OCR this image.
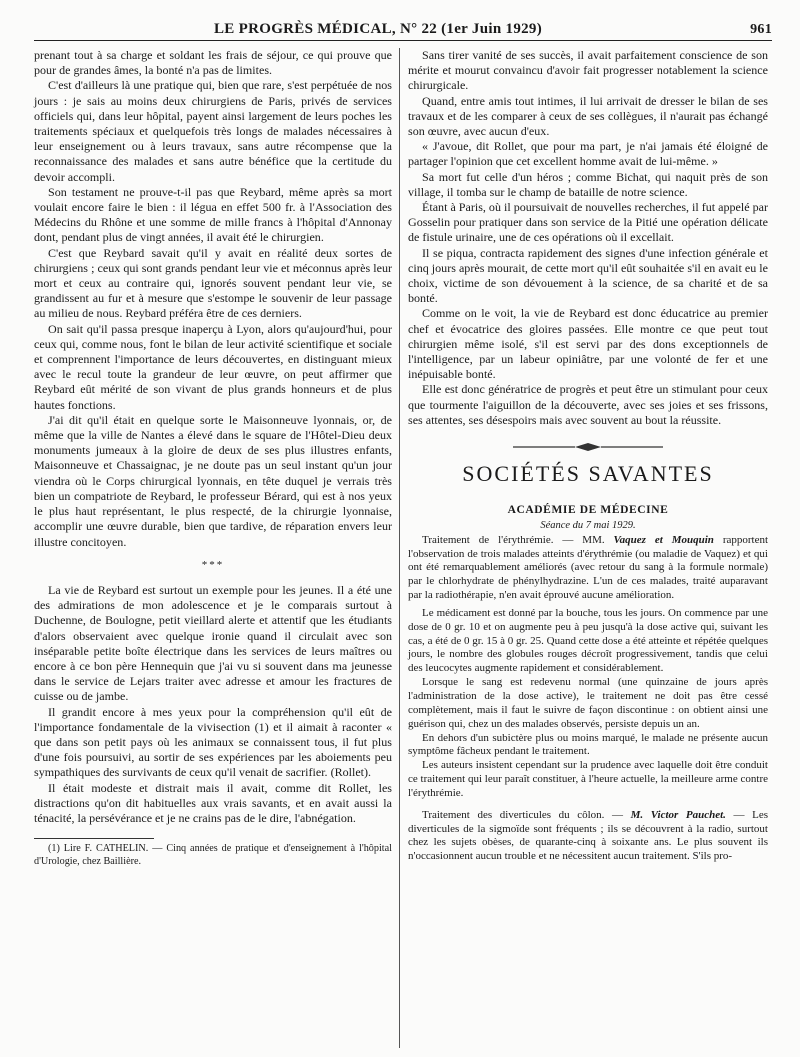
LE PROGRÈS MÉDICAL, N° 22 (1er Juin 1929)	961

prenant tout à sa charge et soldant les frais de séjour, ce qui prouve que pour de grandes âmes, la bonté n'a pas de limites.

C'est d'ailleurs là une pratique qui, bien que rare, s'est perpétuée de nos jours : je sais au moins deux chirurgiens de Paris, privés de services officiels qui, dans leur hôpital, payent ainsi largement de leurs poches les traitements spéciaux et quelquefois très longs de malades nécessaires à leur enseignement ou à leurs travaux, sans autre récompense que la reconnaissance des malades et sans autre bénéfice que la certitude du devoir accompli.

Son testament ne prouve-t-il pas que Reybard, même après sa mort voulait encore faire le bien : il légua en effet 500 fr. à l'Association des Médecins du Rhône et une somme de mille francs à l'hôpital d'Annonay dont, pendant plus de vingt années, il avait été le chirurgien.

C'est que Reybard savait qu'il y avait en réalité deux sortes de chirurgiens ; ceux qui sont grands pendant leur vie et méconnus après leur mort et ceux au contraire qui, ignorés souvent pendant leur vie, se grandissent au fur et à mesure que s'estompe le souvenir de leur passage au milieu de nous. Reybard préféra être de ces derniers.

On sait qu'il passa presque inaperçu à Lyon, alors qu'aujourd'hui, pour ceux qui, comme nous, font le bilan de leur activité scientifique et sociale et comprennent l'importance de leurs découvertes, en distinguant mieux avec le recul toute la grandeur de leur œuvre, on peut affirmer que Reybard eût mérité de son vivant de plus grands honneurs et de plus hautes fonctions.

J'ai dit qu'il était en quelque sorte le Maisonneuve lyonnais, or, de même que la ville de Nantes a élevé dans le square de l'Hôtel-Dieu deux monuments jumeaux à la gloire de deux de ses plus illustres enfants, Maisonneuve et Chassaignac, je ne doute pas un seul instant qu'un jour viendra où le Corps chirurgical lyonnais, en tête duquel je verrais très bien un compatriote de Reybard, le professeur Bérard, qui est à nos yeux le plus haut représentant, le plus respecté, de la chirurgie lyonnaise, accomplir une œuvre durable, bien que tardive, de réparation envers leur illustre concitoyen.

***

La vie de Reybard est surtout un exemple pour les jeunes. Il a été une des admirations de mon adolescence et je le comparais surtout à Duchenne, de Boulogne, petit vieillard alerte et attentif que les étudiants d'alors observaient avec quelque ironie quand il circulait avec son inséparable petite boîte électrique dans les services de leurs maîtres ou encore à ce bon père Hennequin que j'ai vu si souvent dans ma jeunesse dans le service de Lejars traiter avec adresse et amour les fractures de cuisse ou de jambe.

Il grandit encore à mes yeux pour la compréhension qu'il eût de l'importance fondamentale de la vivisection (1) et il aimait à raconter « que dans son petit pays où les animaux se connaissent tous, il fut plus d'une fois poursuivi, au sortir de ses expériences par les aboiements peu sympathiques des survivants de ceux qu'il venait de sacrifier. (Rollet).

Il était modeste et distrait mais il avait, comme dit Rollet, les distractions qu'on dit habituelles aux vrais savants, et en avait aussi la ténacité, la persévérance et je ne crains pas de le dire, l'abnégation.

(1) Lire F. CATHELIN. — Cinq années de pratique et d'enseignement à l'hôpital d'Urologie, chez Baillière.

Sans tirer vanité de ses succès, il avait parfaitement conscience de son mérite et mourut convaincu d'avoir fait progresser notablement la science chirurgicale.

Quand, entre amis tout intimes, il lui arrivait de dresser le bilan de ses travaux et de les comparer à ceux de ses collègues, il n'aurait pas échangé son œuvre, avec aucun d'eux.

« J'avoue, dit Rollet, que pour ma part, je n'ai jamais été éloigné de partager l'opinion que cet excellent homme avait de lui-même. »

Sa mort fut celle d'un héros ; comme Bichat, qui naquit près de son village, il tomba sur le champ de bataille de notre science.

Étant à Paris, où il poursuivait de nouvelles recherches, il fut appelé par Gosselin pour pratiquer dans son service de la Pitié une opération délicate de fistule urinaire, une de ces opérations où il excellait.

Il se piqua, contracta rapidement des signes d'une infection générale et cinq jours après mourait, de cette mort qu'il eût souhaitée s'il en avait eu le choix, victime de son dévouement à la science, de sa charité et de sa bonté.

Comme on le voit, la vie de Reybard est donc éducatrice au premier chef et évocatrice des gloires passées. Elle montre ce que peut tout chirurgien même isolé, s'il est servi par des dons exceptionnels de l'intelligence, par un labeur opiniâtre, par une volonté de fer et une inépuisable bonté.

Elle est donc génératrice de progrès et peut être un stimulant pour ceux que tourmente l'aiguillon de la découverte, avec ses joies et ses frissons, ses attentes, ses désespoirs mais avec souvent au bout la réussite.

SOCIÉTÉS SAVANTES

ACADÉMIE DE MÉDECINE

Séance du 7 mai 1929.

Traitement de l'érythrémie. — MM. Vaquez et Mouquin rapportent l'observation de trois malades atteints d'érythrémie (ou maladie de Vaquez) et qui ont été remarquablement améliorés (avec retour du sang à la formule normale) par le chlorhydrate de phénylhydrazine. L'un de ces malades, traité auparavant par la radiothérapie, n'en avait éprouvé aucune amélioration.

Le médicament est donné par la bouche, tous les jours. On commence par une dose de 0 gr. 10 et on augmente peu à peu jusqu'à la dose active qui, suivant les cas, a été de 0 gr. 15 à 0 gr. 25. Quand cette dose a été atteinte et répétée quelques jours, le nombre des globules rouges décroît progressivement, tandis que celui des leucocytes augmente rapidement et considérablement.

Lorsque le sang est redevenu normal (une quinzaine de jours après l'administration de la dose active), le traitement ne doit pas être cessé complètement, mais il faut le suivre de façon discontinue : on obtient ainsi une guérison qui, chez un des malades observés, persiste depuis un an.

En dehors d'un subictère plus ou moins marqué, le malade ne présente aucun symptôme fâcheux pendant le traitement.

Les auteurs insistent cependant sur la prudence avec laquelle doit être conduit ce traitement qui leur paraît constituer, à l'heure actuelle, la meilleure arme contre l'érythrémie.

Traitement des diverticules du côlon. — M. Victor Pauchet. — Les diverticules de la sigmoïde sont fréquents ; ils se découvrent à la radio, surtout chez les sujets obèses, de quarante-cinq à soixante ans. Le plus souvent ils n'occasionnent aucun trouble et ne nécessitent aucun traitement. S'ils pro-
